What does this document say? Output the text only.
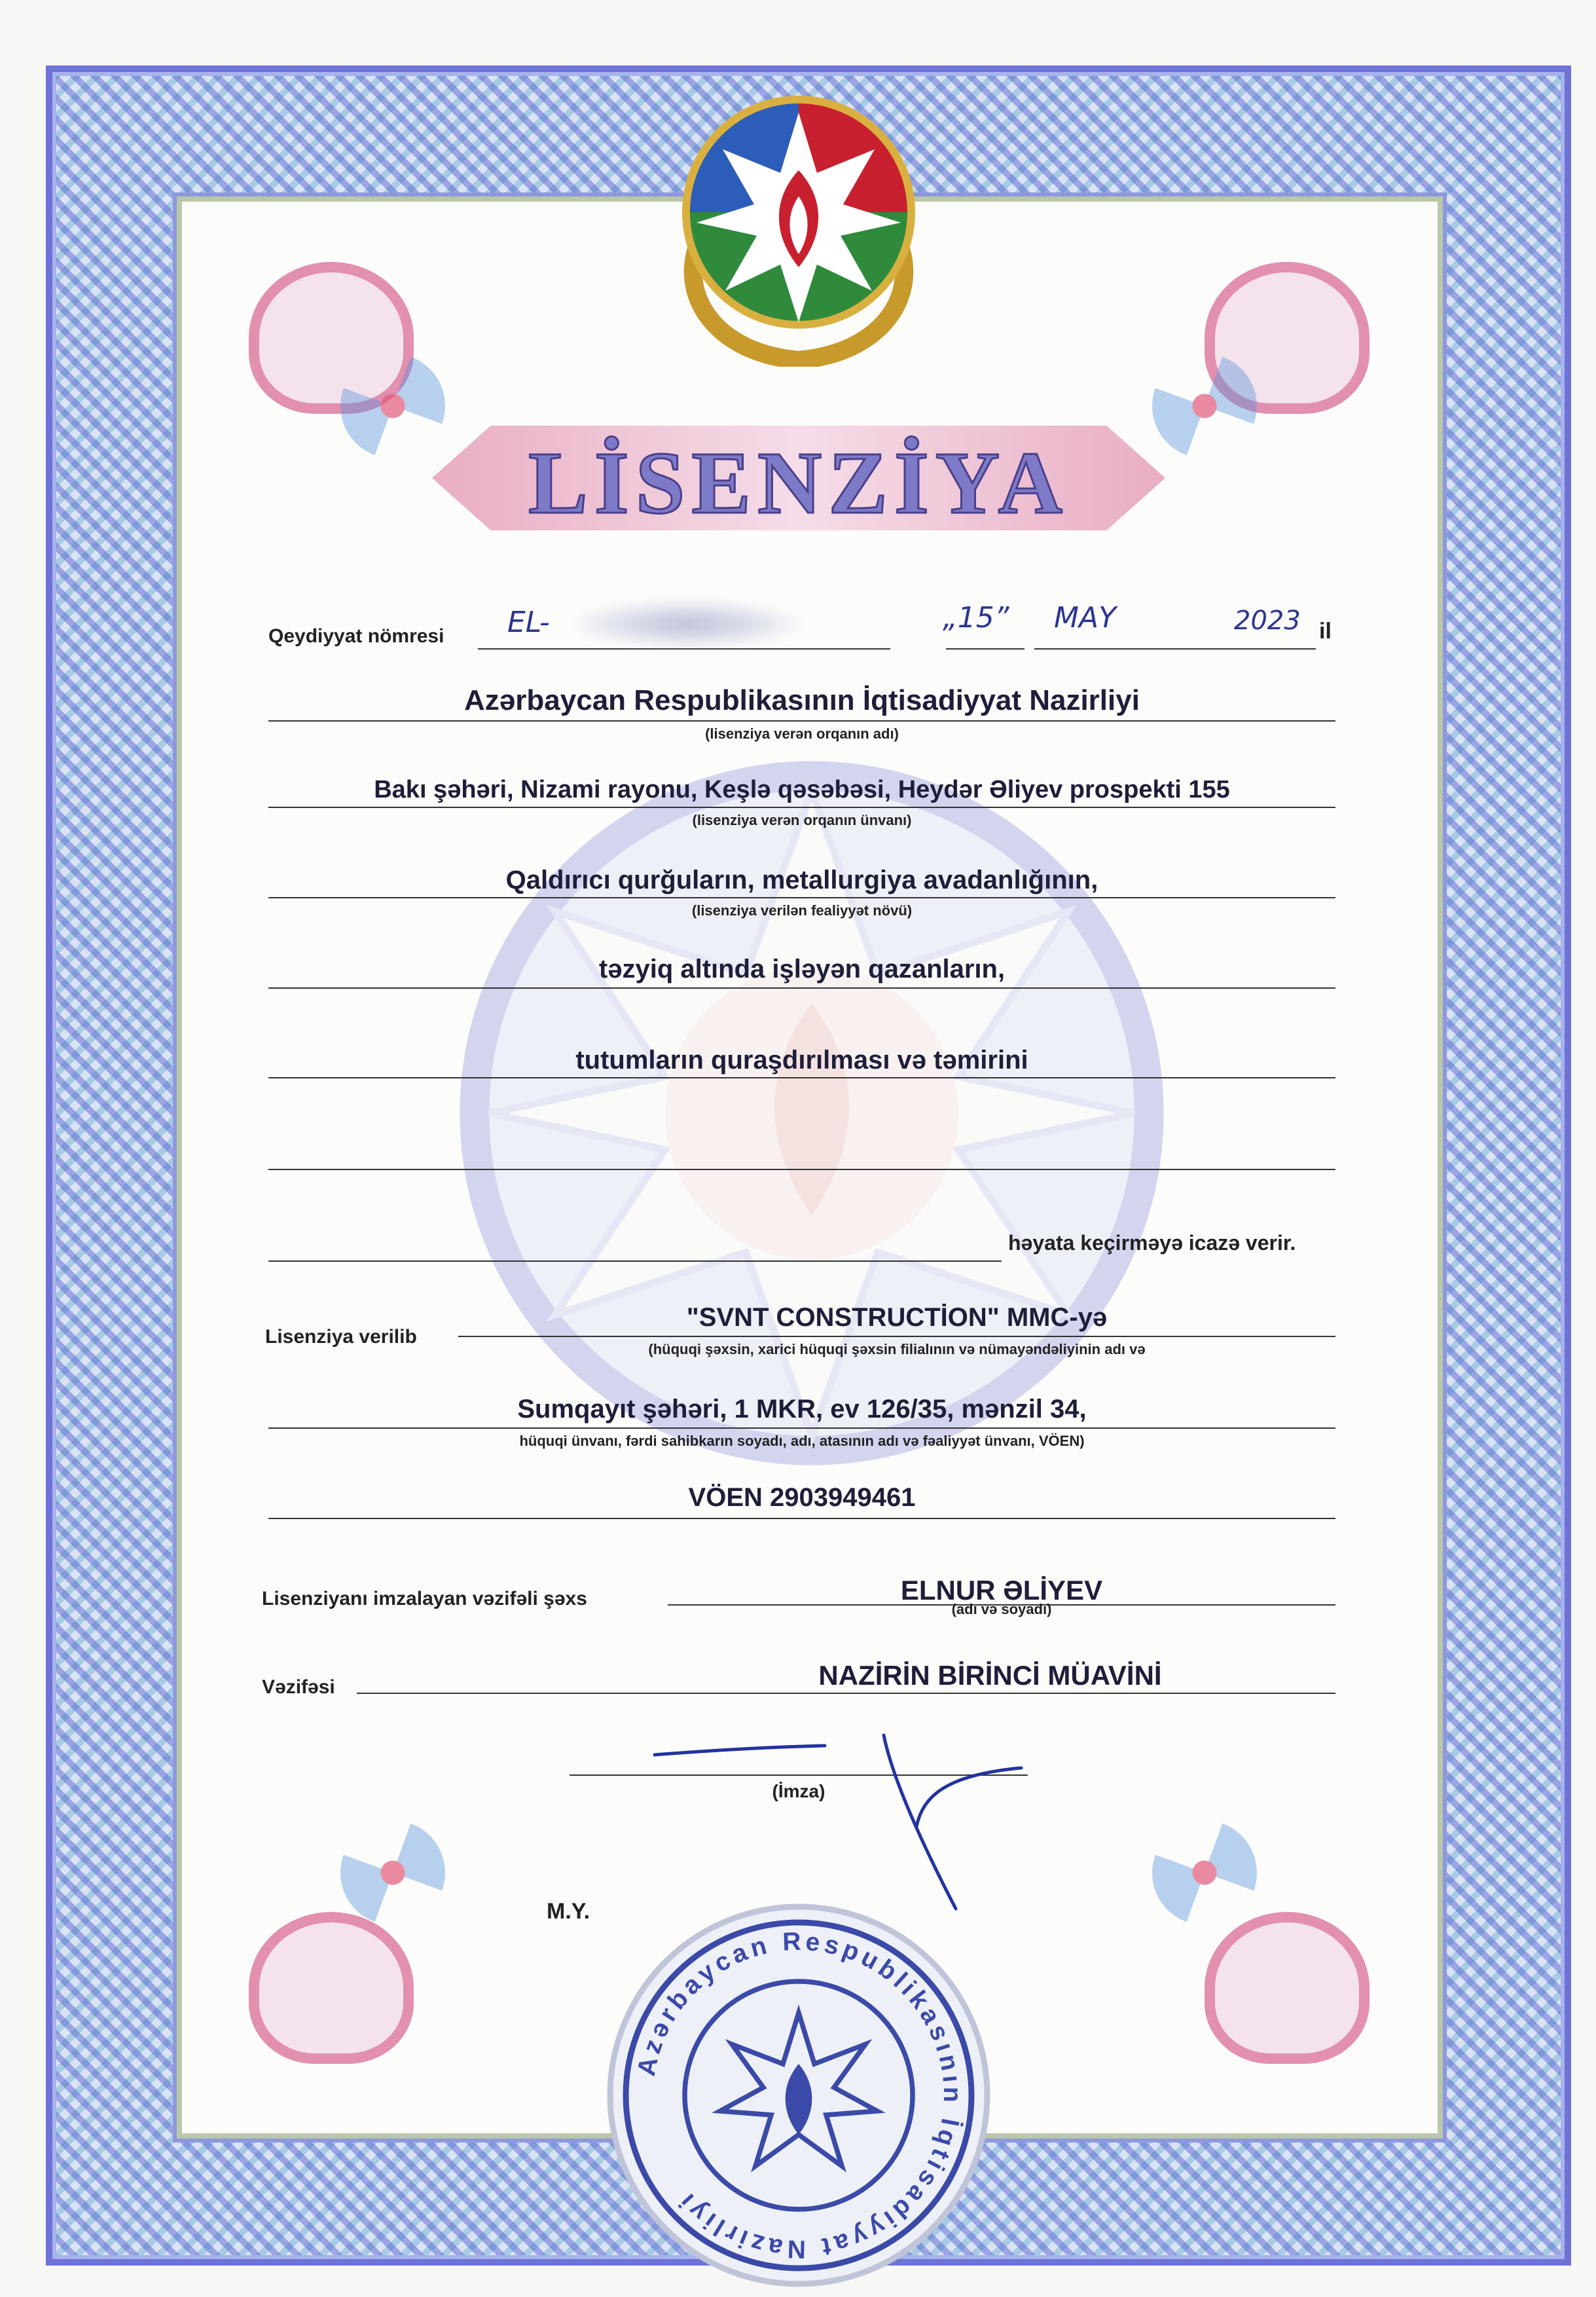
LİSENZİYA
Qeydiyyat nömresi EL-	„15” MAY	2023 il
Azərbaycan Respublikasının İqtisadiyyat Nazirliyi
(lisenziya verən orqanın adı)
Bakı şəhəri, Nizami rayonu, Keşlə qəsəbəsi, Heydər Əliyev prospekti 155
(lisenziya verən orqanın ünvanı)
Qaldırıcı qurğuların, metallurgiya avadanlığının,
(lisenziya verilən fealiyyət növü)
təzyiq altında işləyən qazanların,
tutumların quraşdırılması və təmirini
həyata keçirməyə icazə verir.
Lisenziya verilib
"SVNT CONSTRUCTİON" MMC-yə
(hüquqi şəxsin, xarici hüquqi şəxsin filialının və nümayəndəliyinin adı və
Sumqayıt şəhəri, 1 MKR, ev 126/35, mənzil 34,
hüquqi ünvanı, fərdi sahibkarın soyadı, adı, atasının adı və fəaliyyət ünvanı, VÖEN)
VÖEN 2903949461
Lisenziyanı imzalayan vəzifəli şəxs	ELNUR ƏLİYEV
(adı və soyadı)
Vəzifəsi	NAZİRİN BİRİNCİ MÜAVİNİ
(İmza)
M.Y.
Azərbaycan Respublikasının İqtisadiyyat Nazirliyi
